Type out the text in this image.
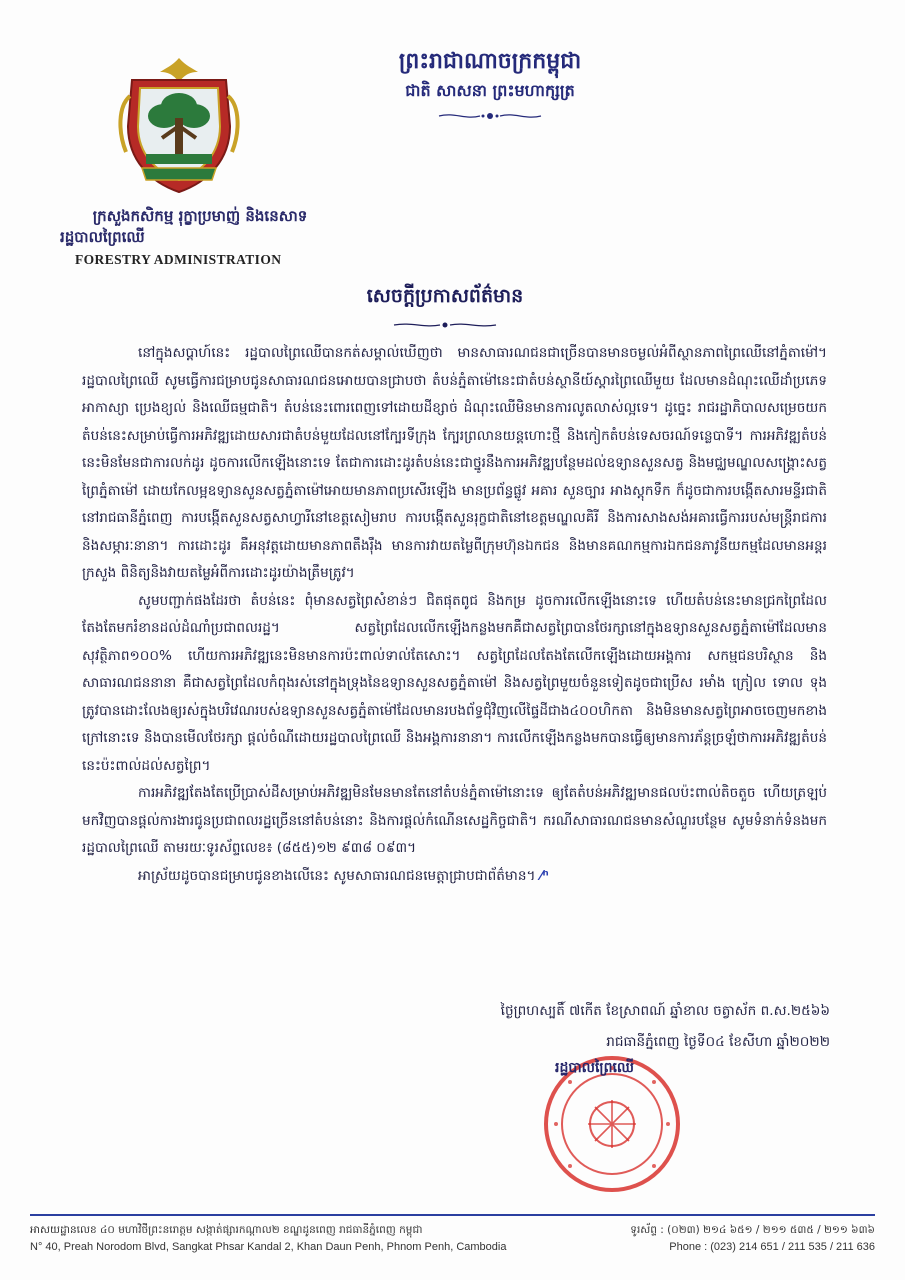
ក្រសួងកសិកម្ម រុក្ខាប្រមាញ់ និងនេសាទ
រដ្ឋបាលព្រៃឈើ
FORESTRY ADMINISTRATION
ព្រះរាជាណាចក្រកម្ពុជា
ជាតិ សាសនា ព្រះមហាក្សត្រ
សេចក្តីប្រកាសព័ត៌មាន

នៅក្នុងសប្តាហ៍នេះ រដ្ឋបាលព្រៃឈើបានកត់សម្គាល់ឃើញថា មានសាធារណជនជាច្រើនបានមានចម្ងល់អំពីស្ថានភាពព្រៃឈើនៅភ្នំតាម៉ៅ។ រដ្ឋបាលព្រៃឈើ សូមធ្វើការជម្រាបជូនសាធារណជនអោយបានជ្រាបថា តំបន់ភ្នំតាម៉ៅនេះជាតំបន់ស្ថានីយ៍ស្តារព្រៃឈើមួយ ដែលមានដំណុះឈើដាំប្រភេទអាកាស្យា ប្រេងខ្យល់ និងឈើធម្មជាតិ។ តំបន់នេះពោរពេញទៅដោយដីខ្សាច់ ដំណុះឈើមិនមានការលូតលាស់ល្អទេ។ ដូច្នេះ រាជរដ្ឋាភិបាលសម្រេចយកតំបន់នេះសម្រាប់ធ្វើការអភិវឌ្ឍដោយសារជាតំបន់មួយដែលនៅក្បែរទីក្រុង ក្បែរព្រលានយន្តហោះថ្មី និងកៀកតំបន់ទេសចរណ៍ទន្លេបាទី។ ការអភិវឌ្ឍតំបន់នេះមិនមែនជាការលក់ដូរ ដូចការលើកឡើងនោះទេ តែជាការដោះដូរតំបន់នេះជាថ្នូរនឹងការអភិវឌ្ឍបន្ថែមដល់ឧទ្យានសួនសត្វ និងមជ្ឈមណ្ឌលសង្គ្រោះសត្វព្រៃភ្នំតាម៉ៅ ដោយកែលម្អឧទ្យានសួនសត្វភ្នំតាម៉ៅអោយមានភាពប្រសើរឡើង មានប្រព័ន្ធផ្លូវ អគារ សួនច្បារ អាងស្តុកទឹក ក៏ដូចជាការបង្កើតសារមន្ទីរជាតិនៅរាជធានីភ្នំពេញ ការបង្កើតសួនសត្វសាហ្វារីនៅខេត្តសៀមរាប ការបង្កើតសួនរុក្ខជាតិនៅខេត្តមណ្ឌលគិរី និងការសាងសង់អគារធ្វើការរបស់មន្ត្រីរាជការ និងសម្ភារៈនានា។ ការដោះដូរ គឺអនុវត្តដោយមានភាពតឹងរ៉ឹង មានការវាយតម្លៃពីក្រុមហ៊ុនឯកជន និងមានគណកម្មការឯកជនភាវូនីយកម្មដែលមានអន្តរក្រសួង ពិនិត្យនិងវាយតម្លៃអំពីការដោះដូរយ៉ាងត្រឹមត្រូវ។

សូមបញ្ជាក់ផងដែរថា តំបន់នេះ ពុំមានសត្វព្រៃសំខាន់ៗ ជិតផុតពូជ និងកម្រ ដូចការលើកឡើងនោះទេ ហើយតំបន់នេះមានជ្រកព្រៃដែលតែងតែមករំខានដល់ដំណាំប្រជាពលរដ្ឋ។ សត្វព្រៃដែលលើកឡើងកន្លងមកគឺជាសត្វព្រៃបានថែរក្សានៅក្នុងឧទ្យានសួនសត្វភ្នំតាម៉ៅដែលមានសុវត្ថិភាព១០០% ហើយការអភិវឌ្ឍនេះមិនមានការប៉ះពាល់ទាល់តែសោះ។ សត្វព្រៃដែលតែងតែលើកឡើងដោយអង្គការ សកម្មជនបរិស្ថាន និងសាធារណជននានា គឺជាសត្វព្រៃដែលកំពុងរស់នៅក្នុងទ្រុងនៃឧទ្យានសួនសត្វភ្នំតាម៉ៅ និងសត្វព្រៃមួយចំនួនទៀតដូចជាប្រើស រមាំង ក្រៀល ទោល ទុង ត្រូវបានដោះលែងឲ្យរស់ក្នុងបរិវេណរបស់ឧទ្យានសួនសត្វភ្នំតាម៉ៅដែលមានរបងព័ទ្ធជុំវិញលើផ្ទៃដីជាង៤០០ហិកតា និងមិនមានសត្វព្រៃអាចចេញមកខាងក្រៅនោះទេ និងបានមើលថែរក្សា ផ្តល់ចំណីដោយរដ្ឋបាលព្រៃឈើ និងអង្គការនានា។ ការលើកឡើងកន្លងមកបានធ្វើឲ្យមានការភ័ន្តច្រឡំថាការអភិវឌ្ឍតំបន់នេះប៉ះពាល់ដល់សត្វព្រៃ។

ការអភិវឌ្ឍតែងតែប្រើប្រាស់ដីសម្រាប់អភិវឌ្ឍមិនមែនមានតែនៅតំបន់ភ្នំតាម៉ៅនោះទេ ឲ្យតែតំបន់អភិវឌ្ឍមានផលប៉ះពាល់តិចតួច ហើយត្រឡប់មកវិញបានផ្តល់ការងារជូនប្រជាពលរដ្ឋច្រើននៅតំបន់នោះ និងការផ្តល់កំណើនសេដ្ឋកិច្ចជាតិ។ ករណីសាធារណជនមានសំណួរបន្ថែម សូមទំនាក់ទំនងមករដ្ឋបាលព្រៃឈើ តាមរយៈទូរស័ព្ទលេខ៖ (៨៥៥)១២ ៩៣៨ ០៩៣។

អាស្រ័យដូចបានជម្រាបជូនខាងលើនេះ សូមសាធារណជនមេត្តាជ្រាបជាព័ត៌មាន។ ⁄ⁿ

ថ្ងៃព្រហស្បតិ៍ ៧កើត ខែស្រាពណ៍ ឆ្នាំខាល ចត្វាស័ក ព.ស.២៥៦៦
រាជធានីភ្នំពេញ ថ្ងៃទី០៤ ខែសីហា ឆ្នាំ២០២២
រដ្ឋបាលព្រៃឈើ
អាសយដ្ឋានលេខ ៤០ មហាវិថីព្រះនរោត្តម សង្កាត់ផ្សារកណ្តាល២ ខណ្ឌដូនពេញ រាជធានីភ្នំពេញ កម្ពុជា	ទូរស័ព្ទ : (០២៣) ២១៤ ៦៥១ / ២១១ ៥៣៥ / ២១១ ៦៣៦
N° 40, Preah Norodom Blvd, Sangkat Phsar Kandal 2, Khan Daun Penh, Phnom Penh, Cambodia	Phone : (023) 214 651 / 211 535 / 211 636
